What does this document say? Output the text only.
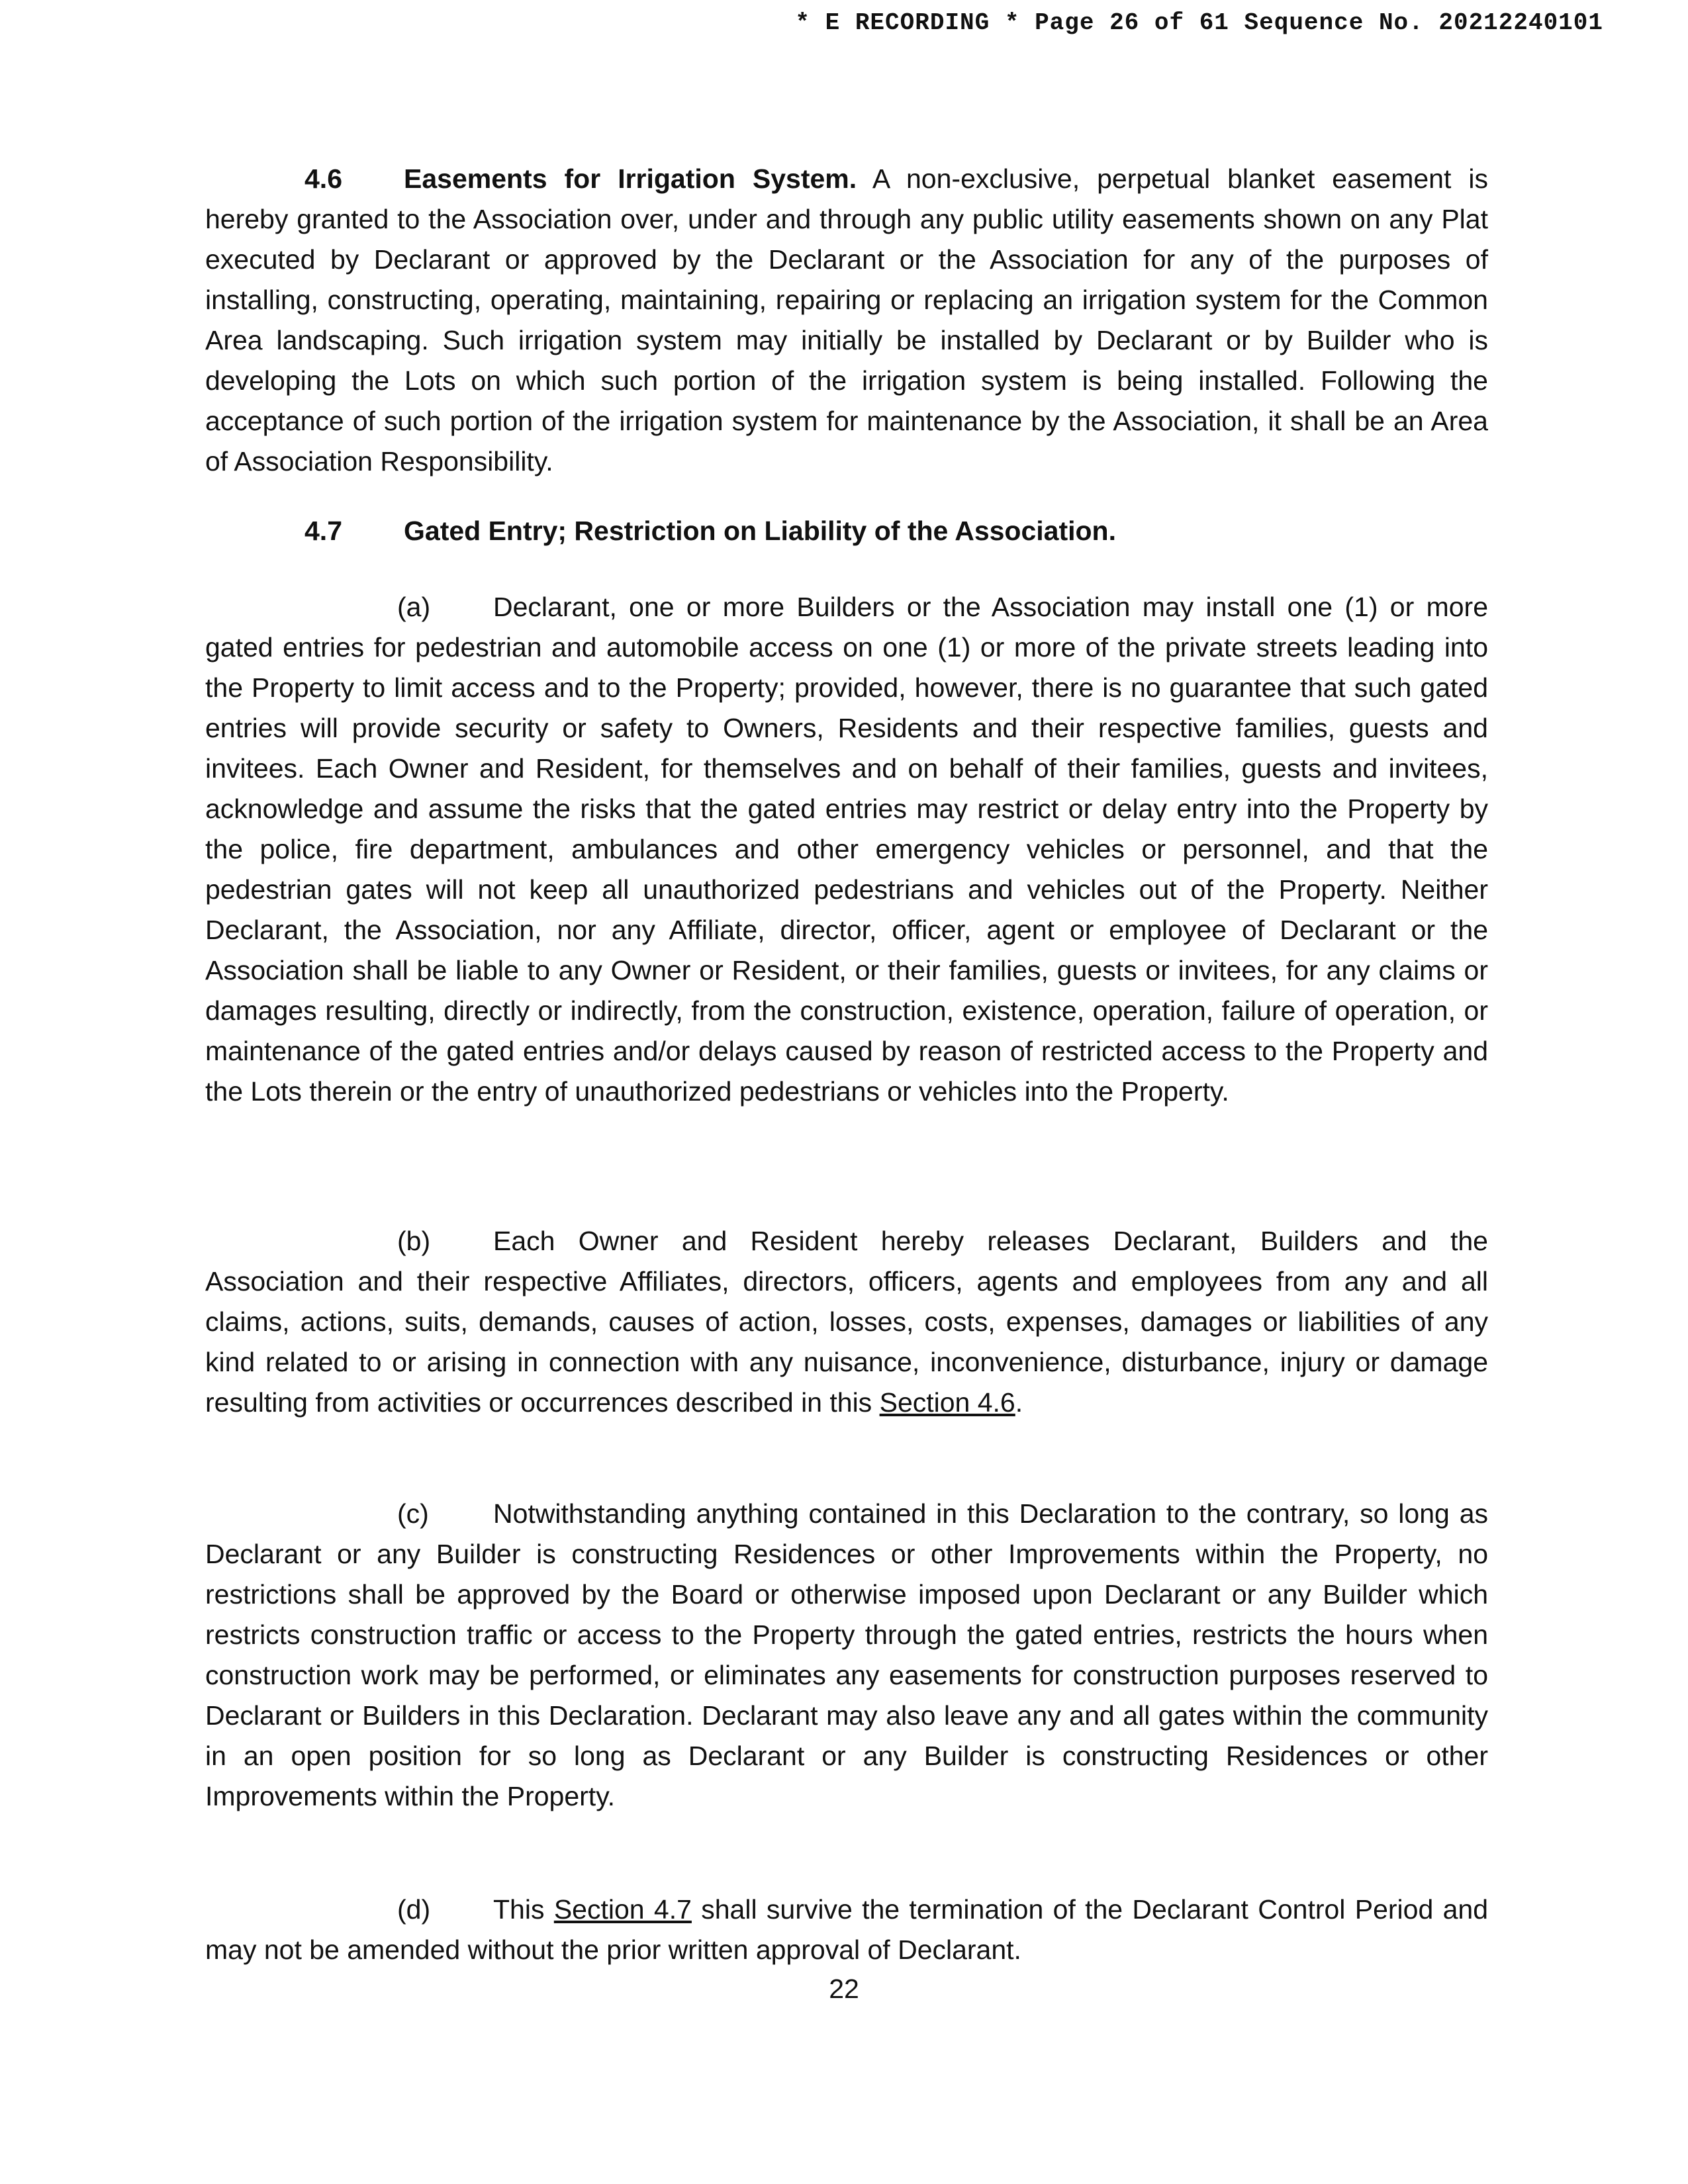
* E RECORDING * Page 26 of 61 Sequence No. 20212240101
4.6 Easements for Irrigation System. A non-exclusive, perpetual blanket easement is hereby granted to the Association over, under and through any public utility easements shown on any Plat executed by Declarant or approved by the Declarant or the Association for any of the purposes of installing, constructing, operating, maintaining, repairing or replacing an irrigation system for the Common Area landscaping. Such irrigation system may initially be installed by Declarant or by Builder who is developing the Lots on which such portion of the irrigation system is being installed. Following the acceptance of such portion of the irrigation system for maintenance by the Association, it shall be an Area of Association Responsibility.
4.7 Gated Entry; Restriction on Liability of the Association.
(a) Declarant, one or more Builders or the Association may install one (1) or more gated entries for pedestrian and automobile access on one (1) or more of the private streets leading into the Property to limit access and to the Property; provided, however, there is no guarantee that such gated entries will provide security or safety to Owners, Residents and their respective families, guests and invitees. Each Owner and Resident, for themselves and on behalf of their families, guests and invitees, acknowledge and assume the risks that the gated entries may restrict or delay entry into the Property by the police, fire department, ambulances and other emergency vehicles or personnel, and that the pedestrian gates will not keep all unauthorized pedestrians and vehicles out of the Property. Neither Declarant, the Association, nor any Affiliate, director, officer, agent or employee of Declarant or the Association shall be liable to any Owner or Resident, or their families, guests or invitees, for any claims or damages resulting, directly or indirectly, from the construction, existence, operation, failure of operation, or maintenance of the gated entries and/or delays caused by reason of restricted access to the Property and the Lots therein or the entry of unauthorized pedestrians or vehicles into the Property.
(b) Each Owner and Resident hereby releases Declarant, Builders and the Association and their respective Affiliates, directors, officers, agents and employees from any and all claims, actions, suits, demands, causes of action, losses, costs, expenses, damages or liabilities of any kind related to or arising in connection with any nuisance, inconvenience, disturbance, injury or damage resulting from activities or occurrences described in this Section 4.6.
(c) Notwithstanding anything contained in this Declaration to the contrary, so long as Declarant or any Builder is constructing Residences or other Improvements within the Property, no restrictions shall be approved by the Board or otherwise imposed upon Declarant or any Builder which restricts construction traffic or access to the Property through the gated entries, restricts the hours when construction work may be performed, or eliminates any easements for construction purposes reserved to Declarant or Builders in this Declaration. Declarant may also leave any and all gates within the community in an open position for so long as Declarant or any Builder is constructing Residences or other Improvements within the Property.
(d) This Section 4.7 shall survive the termination of the Declarant Control Period and may not be amended without the prior written approval of Declarant.
22
